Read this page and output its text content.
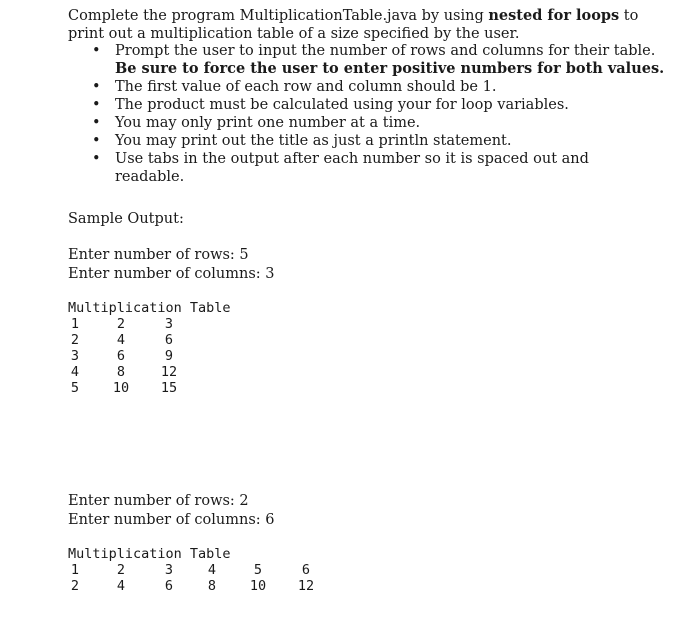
Complete the program MultiplicationTable.java by using nested for loops to print out a multiplication table of a size specified by the user.
• Prompt the user to input the number of rows and columns for their table.
Be sure to force the user to enter positive numbers for both values.
• The first value of each row and column should be 1.
• The product must be calculated using your for loop variables.
• You may only print one number at a time.
• You may print out the title as just a println statement.
• Use tabs in the output after each number so it is spaced out and readable.
Sample Output:
Enter number of rows: 5
Enter number of columns: 3
Multiplication Table
1	2	3
2	4	6
3	6	9
4	8	12
5	10	15
Enter number of rows: 2
Enter number of columns: 6
Multiplication Table
1	2	3	4	5	6
2	4	6	8	10	12
